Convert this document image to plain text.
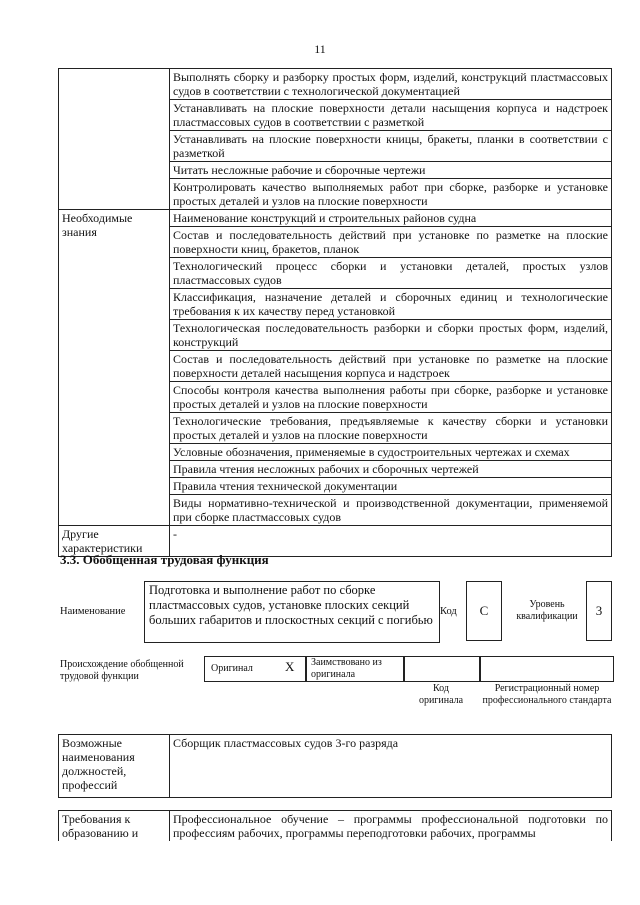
11
	Выполнять сборку и разборку простых форм, изделий, конструкций пластмассовых судов в соответствии с технологической документацией
	Устанавливать на плоские поверхности детали насыщения корпуса и надстроек пластмассовых судов в соответствии с разметкой
	Устанавливать на плоские поверхности кницы, бракеты, планки в соответствии с разметкой
	Читать несложные рабочие и сборочные чертежи
	Контролировать качество выполняемых работ при сборке, разборке и установке простых деталей и узлов на плоские поверхности
Необходимые знания	Наименование конструкций и строительных районов судна
	Состав и последовательность действий при установке по разметке на плоские поверхности книц, бракетов, планок
	Технологический процесс сборки и установки деталей, простых узлов пластмассовых судов
	Классификация, назначение деталей и сборочных единиц и технологические требования к их качеству перед установкой
	Технологическая последовательность разборки и сборки простых форм, изделий, конструкций
	Состав и последовательность действий при установке по разметке на плоские поверхности деталей насыщения корпуса и надстроек
	Способы контроля качества выполнения работы при сборке, разборке и установке простых деталей и узлов на плоские поверхности
	Технологические требования, предъявляемые к качеству сборки и установки простых деталей и узлов на плоские поверхности
	Условные обозначения, применяемые в судостроительных чертежах и схемах
	Правила чтения несложных рабочих и сборочных чертежей
	Правила чтения технической документации
	Виды нормативно-технической и производственной документации, применяемой при сборке пластмассовых судов
Другие характеристики	-
3.3. Обобщенная трудовая функция
Наименование
Подготовка и выполнение работ по сборке пластмассовых судов, установке плоских секций больших габаритов и плоскостных секций с погибью
Код	C	Уровень квалификации	3
Происхождение обобщенной трудовой функции
Оригинал X Заимствовано из оригинала
Код оригинала
Регистрационный номер профессионального стандарта
Возможные наименования должностей, профессий	Сборщик пластмассовых судов 3-го разряда
Требования к образованию и	Профессиональное обучение – программы профессиональной подготовки по профессиям рабочих, программы переподготовки рабочих, программы
